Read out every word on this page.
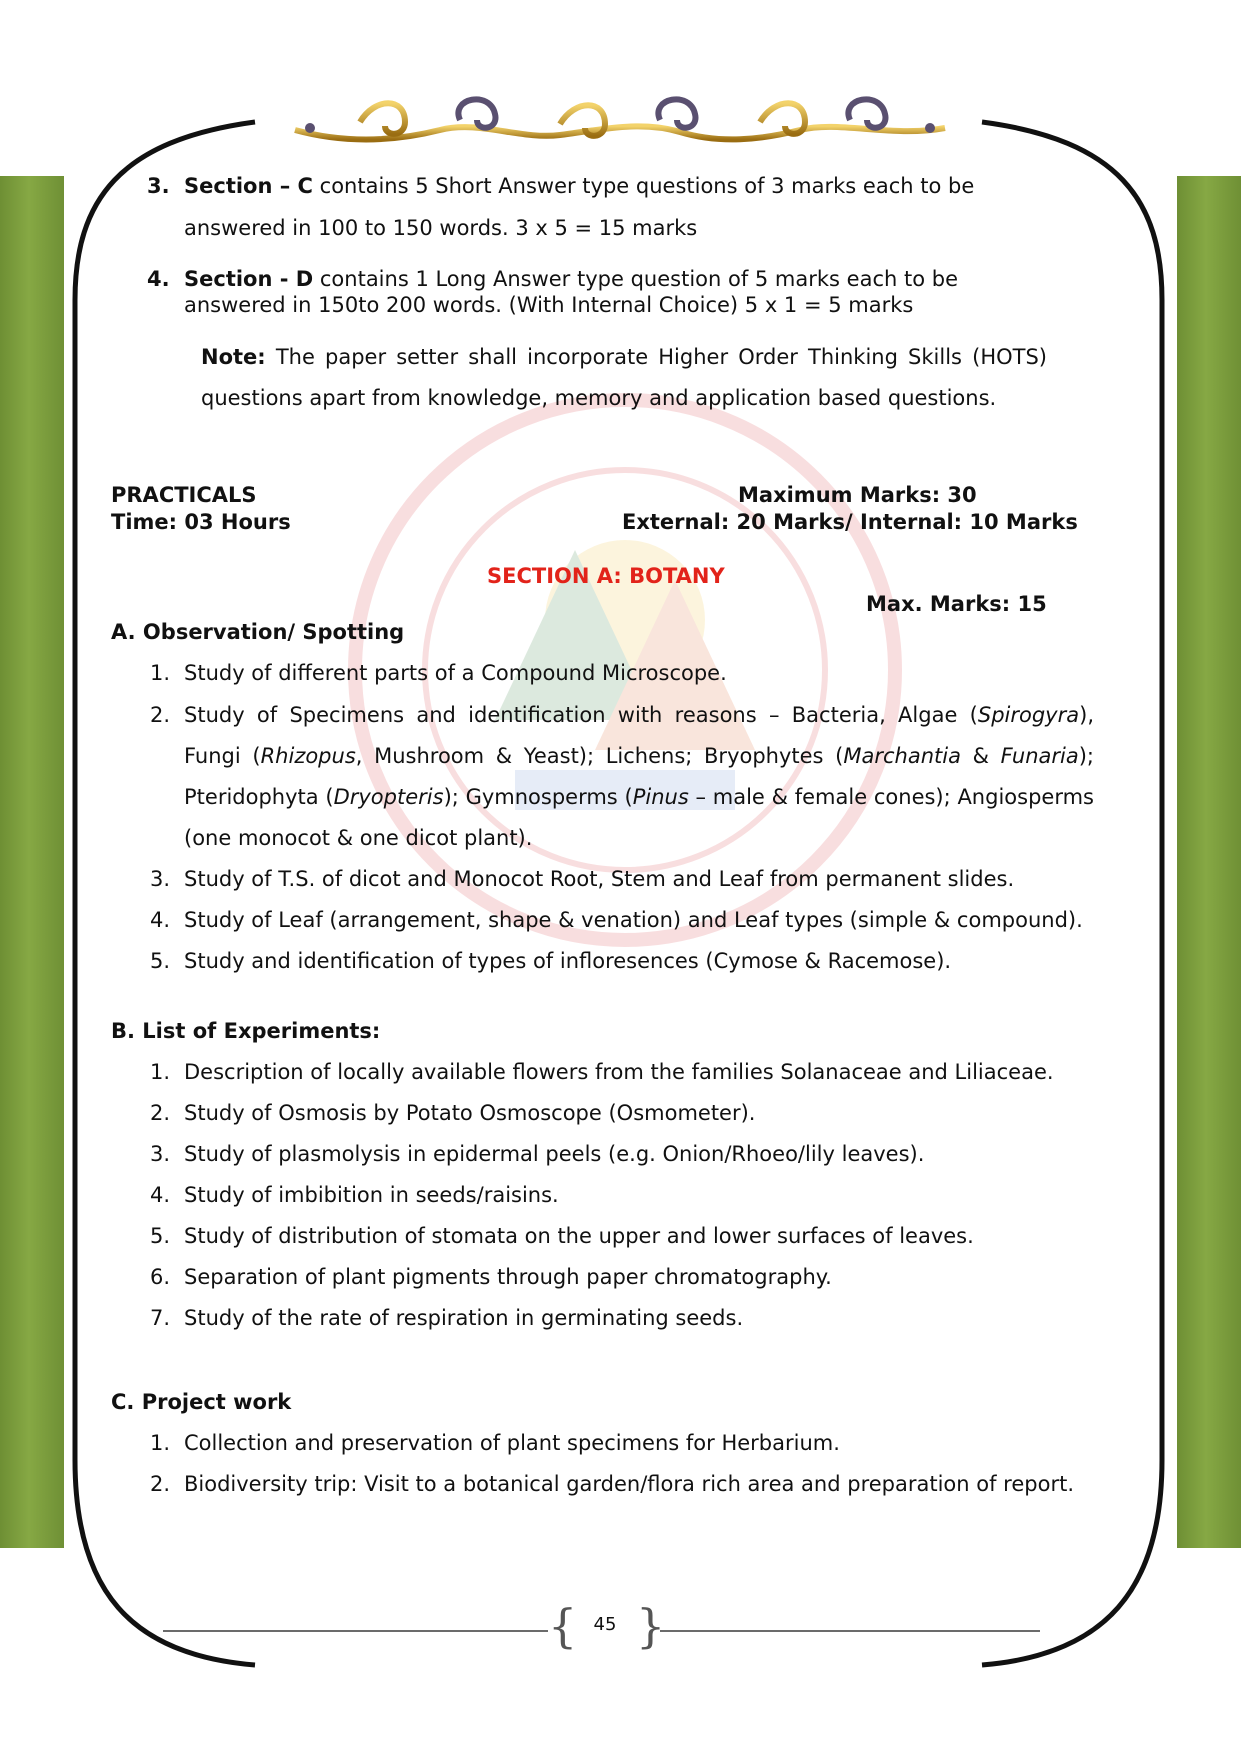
3. Section – C contains 5 Short Answer type questions of 3 marks each to be
answered in 100 to 150 words. 3 x 5 = 15 marks
4. Section - D contains 1 Long Answer type question of 5 marks each to be
answered in 150to 200 words. (With Internal Choice) 5 x 1 = 5 marks
Note: The paper setter shall incorporate Higher Order Thinking Skills (HOTS)
questions apart from knowledge, memory and application based questions.
PRACTICALS
Time: 03 Hours
Maximum Marks: 30
External: 20 Marks/ Internal: 10 Marks
SECTION A: BOTANY
Max. Marks: 15
A. Observation/ Spotting
1. Study of different parts of a Compound Microscope.
2. Study of Specimens and identification with reasons – Bacteria, Algae (Spirogyra),
Fungi (Rhizopus, Mushroom & Yeast); Lichens; Bryophytes (Marchantia & Funaria);
Pteridophyta (Dryopteris); Gymnosperms (Pinus – male & female cones); Angiosperms
(one monocot & one dicot plant).
3. Study of T.S. of dicot and Monocot Root, Stem and Leaf from permanent slides.
4. Study of Leaf (arrangement, shape & venation) and Leaf types (simple & compound).
5. Study and identification of types of infloresences (Cymose & Racemose).
B. List of Experiments:
1. Description of locally available flowers from the families Solanaceae and Liliaceae.
2. Study of Osmosis by Potato Osmoscope (Osmometer).
3. Study of plasmolysis in epidermal peels (e.g. Onion/Rhoeo/lily leaves).
4. Study of imbibition in seeds/raisins.
5. Study of distribution of stomata on the upper and lower surfaces of leaves.
6. Separation of plant pigments through paper chromatography.
7. Study of the rate of respiration in germinating seeds.
C. Project work
1. Collection and preservation of plant specimens for Herbarium.
2. Biodiversity trip: Visit to a botanical garden/flora rich area and preparation of report.
{ }
45
